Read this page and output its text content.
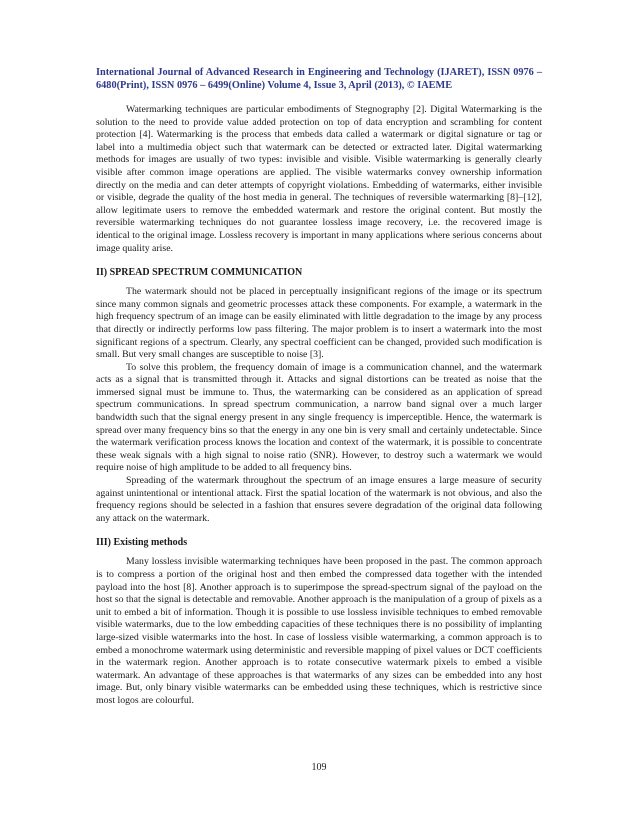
International Journal of Advanced Research in Engineering and Technology (IJARET), ISSN 0976 – 6480(Print), ISSN 0976 – 6499(Online) Volume 4, Issue 3, April (2013), © IAEME

Watermarking techniques are particular embodiments of Stegnography [2]. Digital Watermarking is the solution to the need to provide value added protection on top of data encryption and scrambling for content protection [4]. Watermarking is the process that embeds data called a watermark or digital signature or tag or label into a multimedia object such that watermark can be detected or extracted later. Digital watermarking methods for images are usually of two types: invisible and visible. Visible watermarking is generally clearly visible after common image operations are applied. The visible watermarks convey ownership information directly on the media and can deter attempts of copyright violations. Embedding of watermarks, either invisible or visible, degrade the quality of the host media in general. The techniques of reversible watermarking [8]–[12], allow legitimate users to remove the embedded watermark and restore the original content. But mostly the reversible watermarking techniques do not guarantee lossless image recovery, i.e. the recovered image is identical to the original image. Lossless recovery is important in many applications where serious concerns about image quality arise.

II) SPREAD SPECTRUM COMMUNICATION

The watermark should not be placed in perceptually insignificant regions of the image or its spectrum since many common signals and geometric processes attack these components. For example, a watermark in the high frequency spectrum of an image can be easily eliminated with little degradation to the image by any process that directly or indirectly performs low pass filtering. The major problem is to insert a watermark into the most significant regions of a spectrum. Clearly, any spectral coefficient can be changed, provided such modification is small. But very small changes are susceptible to noise [3].

To solve this problem, the frequency domain of image is a communication channel, and the watermark acts as a signal that is transmitted through it. Attacks and signal distortions can be treated as noise that the immersed signal must be immune to. Thus, the watermarking can be considered as an application of spread spectrum communications. In spread spectrum communication, a narrow band signal over a much larger bandwidth such that the signal energy present in any single frequency is imperceptible. Hence, the watermark is spread over many frequency bins so that the energy in any one bin is very small and certainly undetectable. Since the watermark verification process knows the location and context of the watermark, it is possible to concentrate these weak signals with a high signal to noise ratio (SNR). However, to destroy such a watermark we would require noise of high amplitude to be added to all frequency bins.

Spreading of the watermark throughout the spectrum of an image ensures a large measure of security against unintentional or intentional attack. First the spatial location of the watermark is not obvious, and also the frequency regions should be selected in a fashion that ensures severe degradation of the original data following any attack on the watermark.

III) Existing methods

Many lossless invisible watermarking techniques have been proposed in the past. The common approach is to compress a portion of the original host and then embed the compressed data together with the intended payload into the host [8]. Another approach is to superimpose the spread-spectrum signal of the payload on the host so that the signal is detectable and removable. Another approach is the manipulation of a group of pixels as a unit to embed a bit of information. Though it is possible to use lossless invisible techniques to embed removable visible watermarks, due to the low embedding capacities of these techniques there is no possibility of implanting large-sized visible watermarks into the host. In case of lossless visible watermarking, a common approach is to embed a monochrome watermark using deterministic and reversible mapping of pixel values or DCT coefficients in the watermark region. Another approach is to rotate consecutive watermark pixels to embed a visible watermark. An advantage of these approaches is that watermarks of any sizes can be embedded into any host image. But, only binary visible watermarks can be embedded using these techniques, which is restrictive since most logos are colourful.

109
